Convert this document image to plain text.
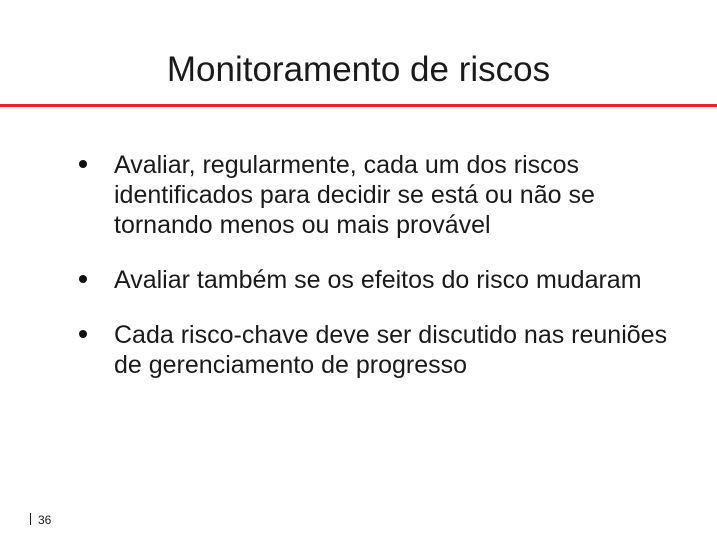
Monitoramento de riscos
Avaliar, regularmente, cada um dos riscos identificados para decidir se está ou não se tornando menos ou mais provável
Avaliar também se os efeitos do risco mudaram
Cada risco-chave deve ser discutido nas reuniões de gerenciamento de progresso
36
